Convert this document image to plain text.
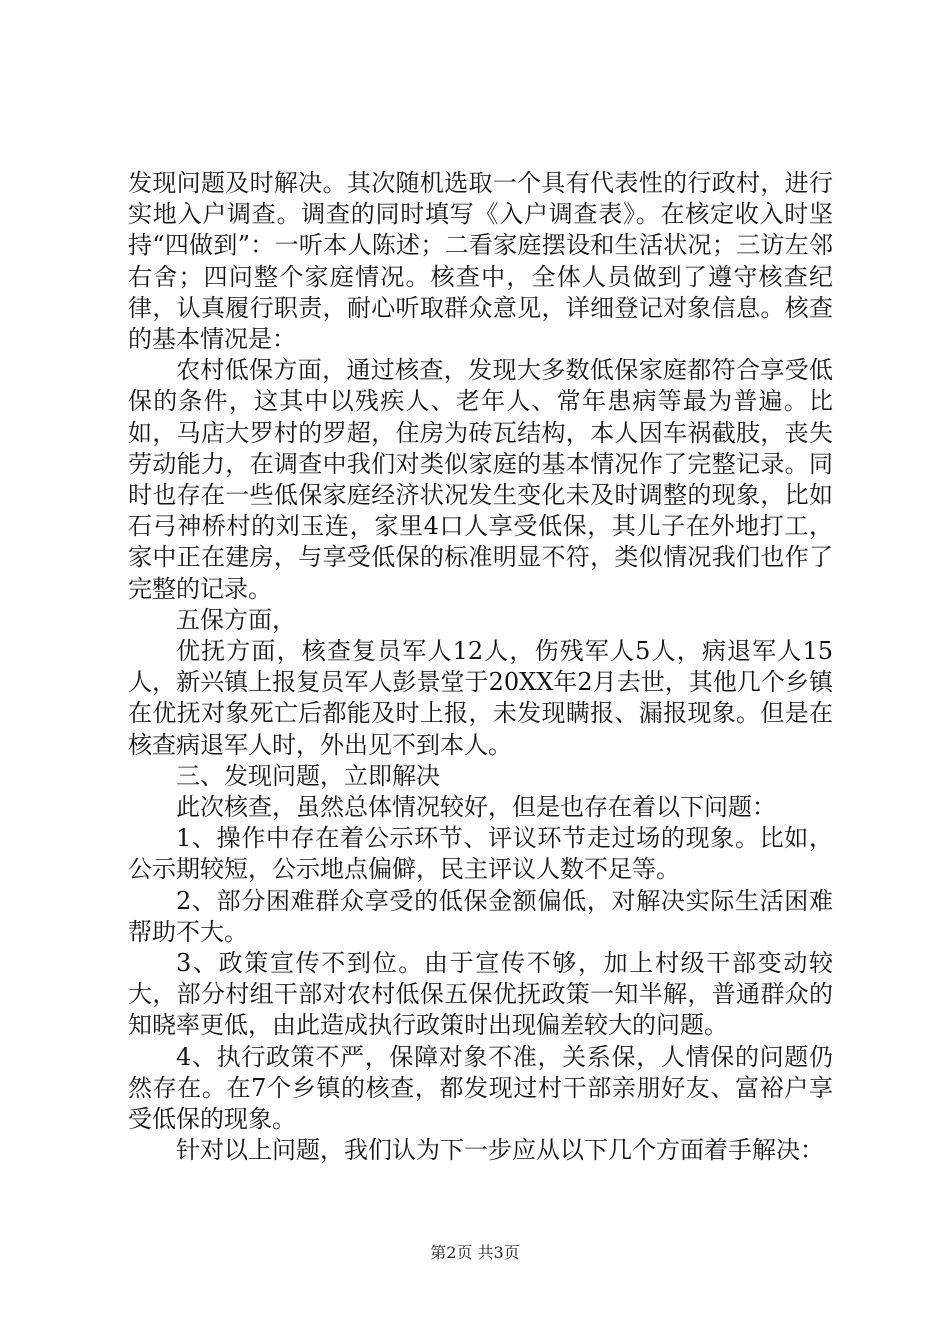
发现问题及时解决。其次随机选取一个具有代表性的行政村，进行实地入户调查。调查的同时填写《入户调查表》。在核定收入时坚持“四做到”：一听本人陈述；二看家庭摆设和生活状况；三访左邻右舍；四问整个家庭情况。核查中，全体人员做到了遵守核查纪律，认真履行职责，耐心听取群众意见，详细登记对象信息。核查的基本情况是：

农村低保方面，通过核查，发现大多数低保家庭都符合享受低保的条件，这其中以残疾人、老年人、常年患病等最为普遍。比如，马店大罗村的罗超，住房为砖瓦结构，本人因车祸截肢，丧失劳动能力，在调查中我们对类似家庭的基本情况作了完整记录。同时也存在一些低保家庭经济状况发生变化未及时调整的现象，比如石弓神桥村的刘玉连，家里4口人享受低保，其儿子在外地打工，家中正在建房，与享受低保的标准明显不符，类似情况我们也作了完整的记录。

五保方面，

优抚方面，核查复员军人12人，伤残军人5人，病退军人15人，新兴镇上报复员军人彭景堂于20XX年2月去世，其他几个乡镇在优抚对象死亡后都能及时上报，未发现瞒报、漏报现象。但是在核查病退军人时，外出见不到本人。

三、发现问题，立即解决

此次核查，虽然总体情况较好，但是也存在着以下问题：

1、操作中存在着公示环节、评议环节走过场的现象。比如，公示期较短，公示地点偏僻，民主评议人数不足等。

2、部分困难群众享受的低保金额偏低，对解决实际生活困难帮助不大。

3、政策宣传不到位。由于宣传不够，加上村级干部变动较大，部分村组干部对农村低保五保优抚政策一知半解，普通群众的知晓率更低，由此造成执行政策时出现偏差较大的问题。

4、执行政策不严，保障对象不准，关系保，人情保的问题仍然存在。在7个乡镇的核查，都发现过村干部亲朋好友、富裕户享受低保的现象。

针对以上问题，我们认为下一步应从以下几个方面着手解决：

第2页 共3页
